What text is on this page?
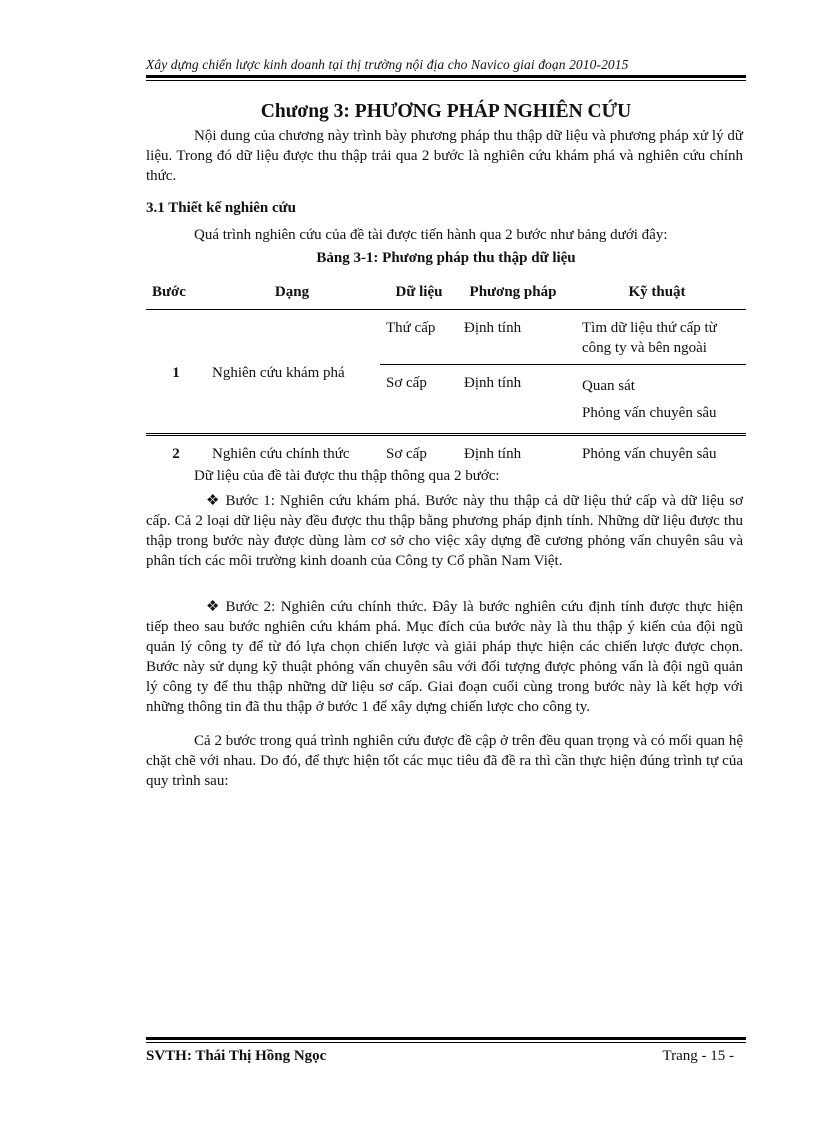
Xây dựng chiến lược kinh doanh tại thị trường nội địa cho Navico giai đoạn 2010-2015
Chương 3: PHƯƠNG PHÁP NGHIÊN CỨU
Nội dung của chương này trình bày phương pháp thu thập dữ liệu và phương pháp xử lý dữ liệu. Trong đó dữ liệu được thu thập trải qua 2 bước là nghiên cứu khám phá và nghiên cứu chính thức.
3.1 Thiết kế nghiên cứu
Quá trình nghiên cứu của đề tài được tiến hành qua 2 bước như bảng dưới đây:
Bảng 3-1: Phương pháp thu thập dữ liệu
Bước	Dạng	Dữ liệu	Phương pháp	Kỹ thuật
1	Nghiên cứu khám phá	Thứ cấp	Định tính	Tìm dữ liệu thứ cấp từ công ty và bên ngoài
		Sơ cấp	Định tính	Quan sát
Phỏng vấn chuyên sâu

2	Nghiên cứu chính thức	Sơ cấp	Định tính	Phỏng vấn chuyên sâu
Dữ liệu của đề tài được thu thập thông qua 2 bước:
❖ Bước 1: Nghiên cứu khám phá. Bước này thu thập cả dữ liệu thứ cấp và dữ liệu sơ cấp. Cả 2 loại dữ liệu này đều được thu thập bằng phương pháp định tính. Những dữ liệu được thu thập trong bước này được dùng làm cơ sở cho việc xây dựng đề cương phỏng vấn chuyên sâu và phân tích các môi trường kinh doanh của Công ty Cổ phần Nam Việt.
❖ Bước 2: Nghiên cứu chính thức. Đây là bước nghiên cứu định tính được thực hiện tiếp theo sau bước nghiên cứu khám phá. Mục đích của bước này là thu thập ý kiến của đội ngũ quản lý công ty để từ đó lựa chọn chiến lược và giải pháp thực hiện các chiến lược được chọn. Bước này sử dụng kỹ thuật phỏng vấn chuyên sâu với đối tượng được phỏng vấn là đội ngũ quản lý công ty để thu thập những dữ liệu sơ cấp. Giai đoạn cuối cùng trong bước này là kết hợp với những thông tin đã thu thập ở bước 1 để xây dựng chiến lược cho công ty.
Cả 2 bước trong quá trình nghiên cứu được đề cập ở trên đều quan trọng và có mối quan hệ chặt chẽ với nhau. Do đó, để thực hiện tốt các mục tiêu đã đề ra thì cần thực hiện đúng trình tự của quy trình sau:
SVTH: Thái Thị Hồng Ngọc	Trang - 15 -
